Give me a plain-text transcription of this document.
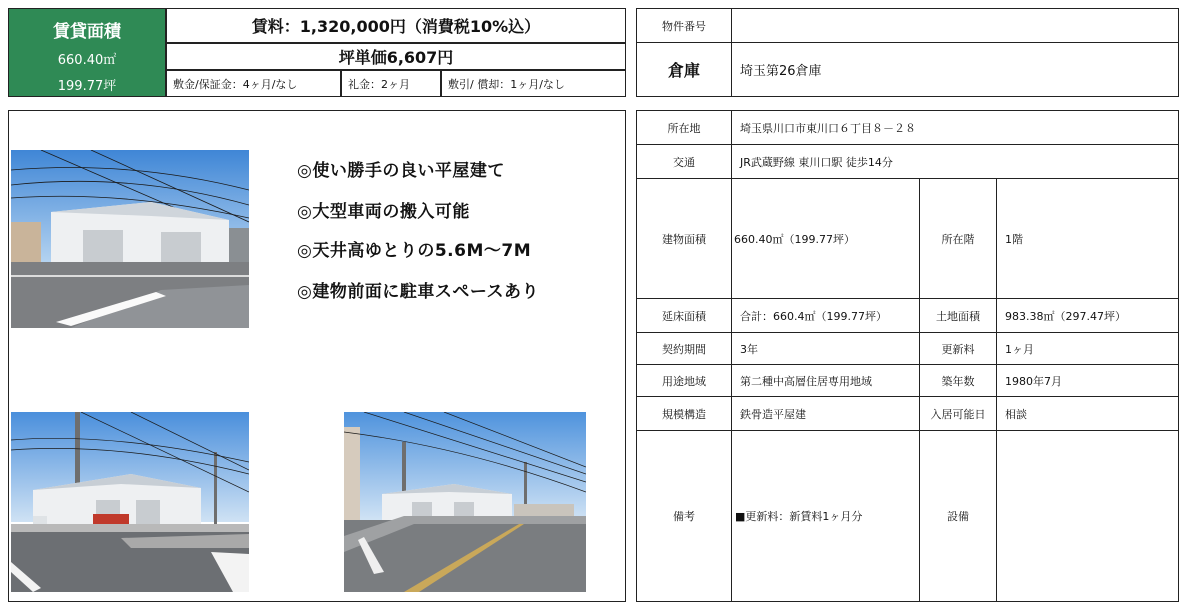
賃貸面積
660.40㎡
199.77坪
賃料：1,320,000円（消費税10%込）
坪単価6,607円
敷金/保証金：4ヶ月/なし	礼金：2ヶ月	敷引/ 償却：1ヶ月/なし
物件番号
倉庫	埼玉第26倉庫
◎使い勝手の良い平屋建て
◎大型車両の搬入可能
◎天井高ゆとりの5.6M～7M
◎建物前面に駐車スペースあり
所在地	埼玉県川口市東川口６丁目８－２８
交通	JR武蔵野線 東川口駅 徒歩14分
建物面積	660.40㎡（199.77坪）	所在階	1階
延床面積	合計：660.4㎡（199.77坪）	土地面積 983.38㎡（297.47坪）
契約期間	3年	更新料	1ヶ月
用途地域	第二種中高層住居専用地域	築年数	1980年7月
規模構造	鉄骨造平屋建	入居可能日 相談
備考	■更新料：新賃料1ヶ月分	設備
